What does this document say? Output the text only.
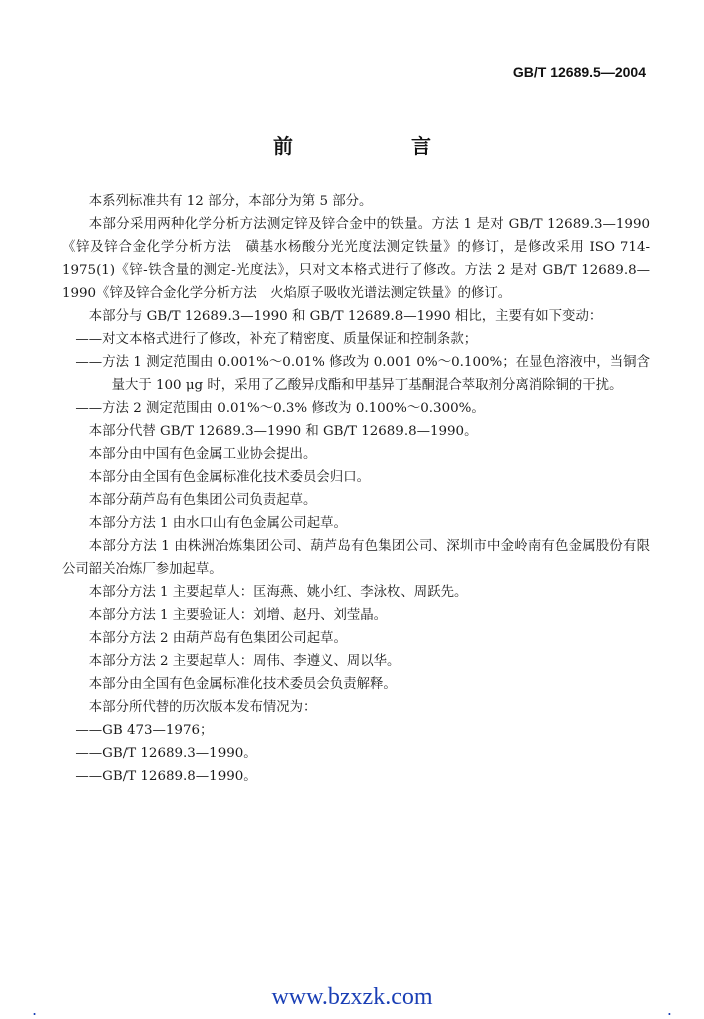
GB/T 12689.5—2004
前　　言

本系列标准共有 12 部分，本部分为第 5 部分。

本部分采用两种化学分析方法测定锌及锌合金中的铁量。方法 1 是对 GB/T 12689.3—1990《锌及锌合金化学分析方法　磺基水杨酸分光光度法测定铁量》的修订，是修改采用 ISO 714-1975(1)《锌-铁含量的测定-光度法》，只对文本格式进行了修改。方法 2 是对 GB/T 12689.8—1990《锌及锌合金化学分析方法　火焰原子吸收光谱法测定铁量》的修订。

本部分与 GB/T 12689.3—1990 和 GB/T 12689.8—1990 相比，主要有如下变动：

——对文本格式进行了修改，补充了精密度、质量保证和控制条款；

——方法 1 测定范围由 0.001%～0.01% 修改为 0.001 0%～0.100%；在显色溶液中，当铜含量大于 100 μg 时，采用了乙酸异戊酯和甲基异丁基酮混合萃取剂分离消除铜的干扰。

——方法 2 测定范围由 0.01%～0.3% 修改为 0.100%～0.300%。

本部分代替 GB/T 12689.3—1990 和 GB/T 12689.8—1990。

本部分由中国有色金属工业协会提出。

本部分由全国有色金属标准化技术委员会归口。

本部分葫芦岛有色集团公司负责起草。

本部分方法 1 由水口山有色金属公司起草。

本部分方法 1 由株洲冶炼集团公司、葫芦岛有色集团公司、深圳市中金岭南有色金属股份有限公司韶关冶炼厂参加起草。

本部分方法 1 主要起草人：匡海燕、姚小红、李泳枚、周跃先。

本部分方法 1 主要验证人：刘增、赵丹、刘莹晶。

本部分方法 2 由葫芦岛有色集团公司起草。

本部分方法 2 主要起草人：周伟、李遵义、周以华。

本部分由全国有色金属标准化技术委员会负责解释。

本部分所代替的历次版本发布情况为：

——GB 473—1976；

——GB/T 12689.3—1990。

——GB/T 12689.8—1990。

.	www.bzxzk.com	.
